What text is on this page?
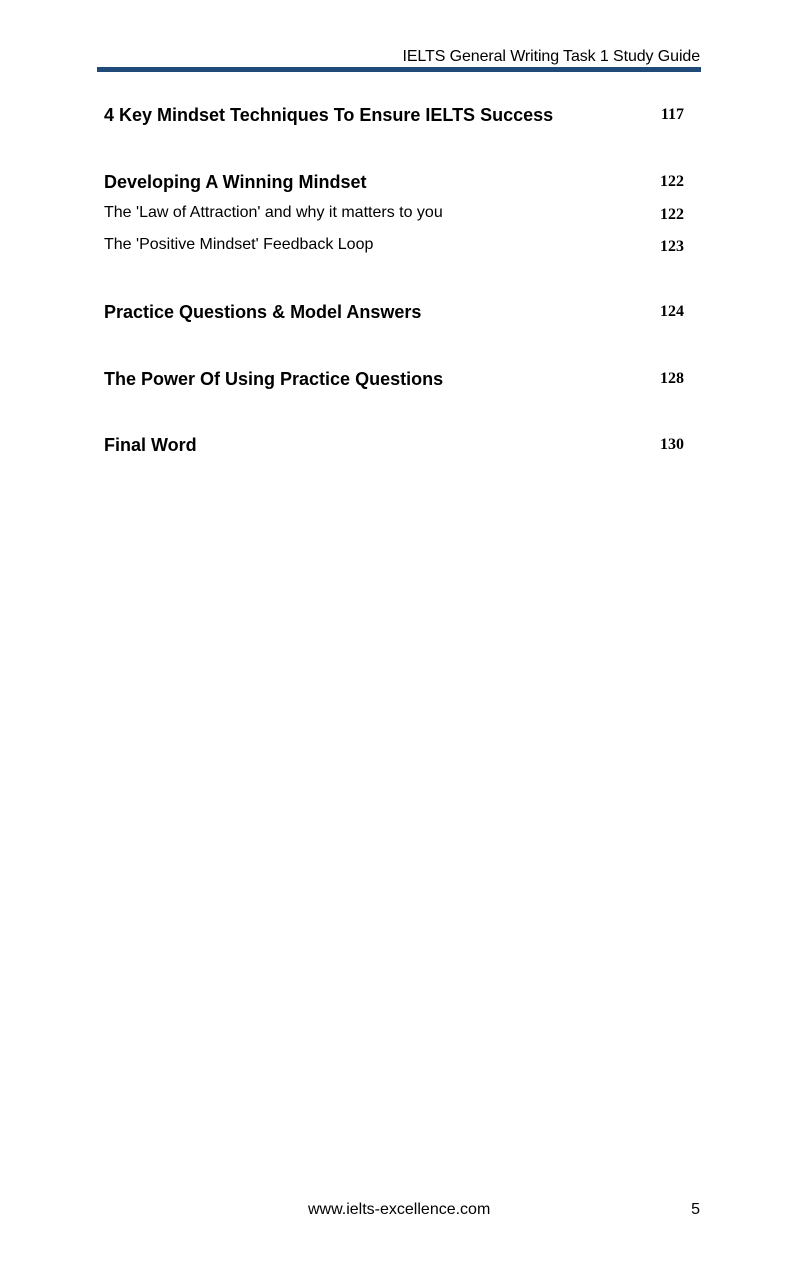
IELTS General Writing Task 1 Study Guide
4 Key Mindset Techniques To Ensure IELTS Success	117
Developing A Winning Mindset	122
The 'Law of Attraction' and why it matters to you	122
The 'Positive Mindset' Feedback Loop	123
Practice Questions & Model Answers	124
The Power Of Using Practice Questions	128
Final Word	130
www.ielts-excellence.com	5
